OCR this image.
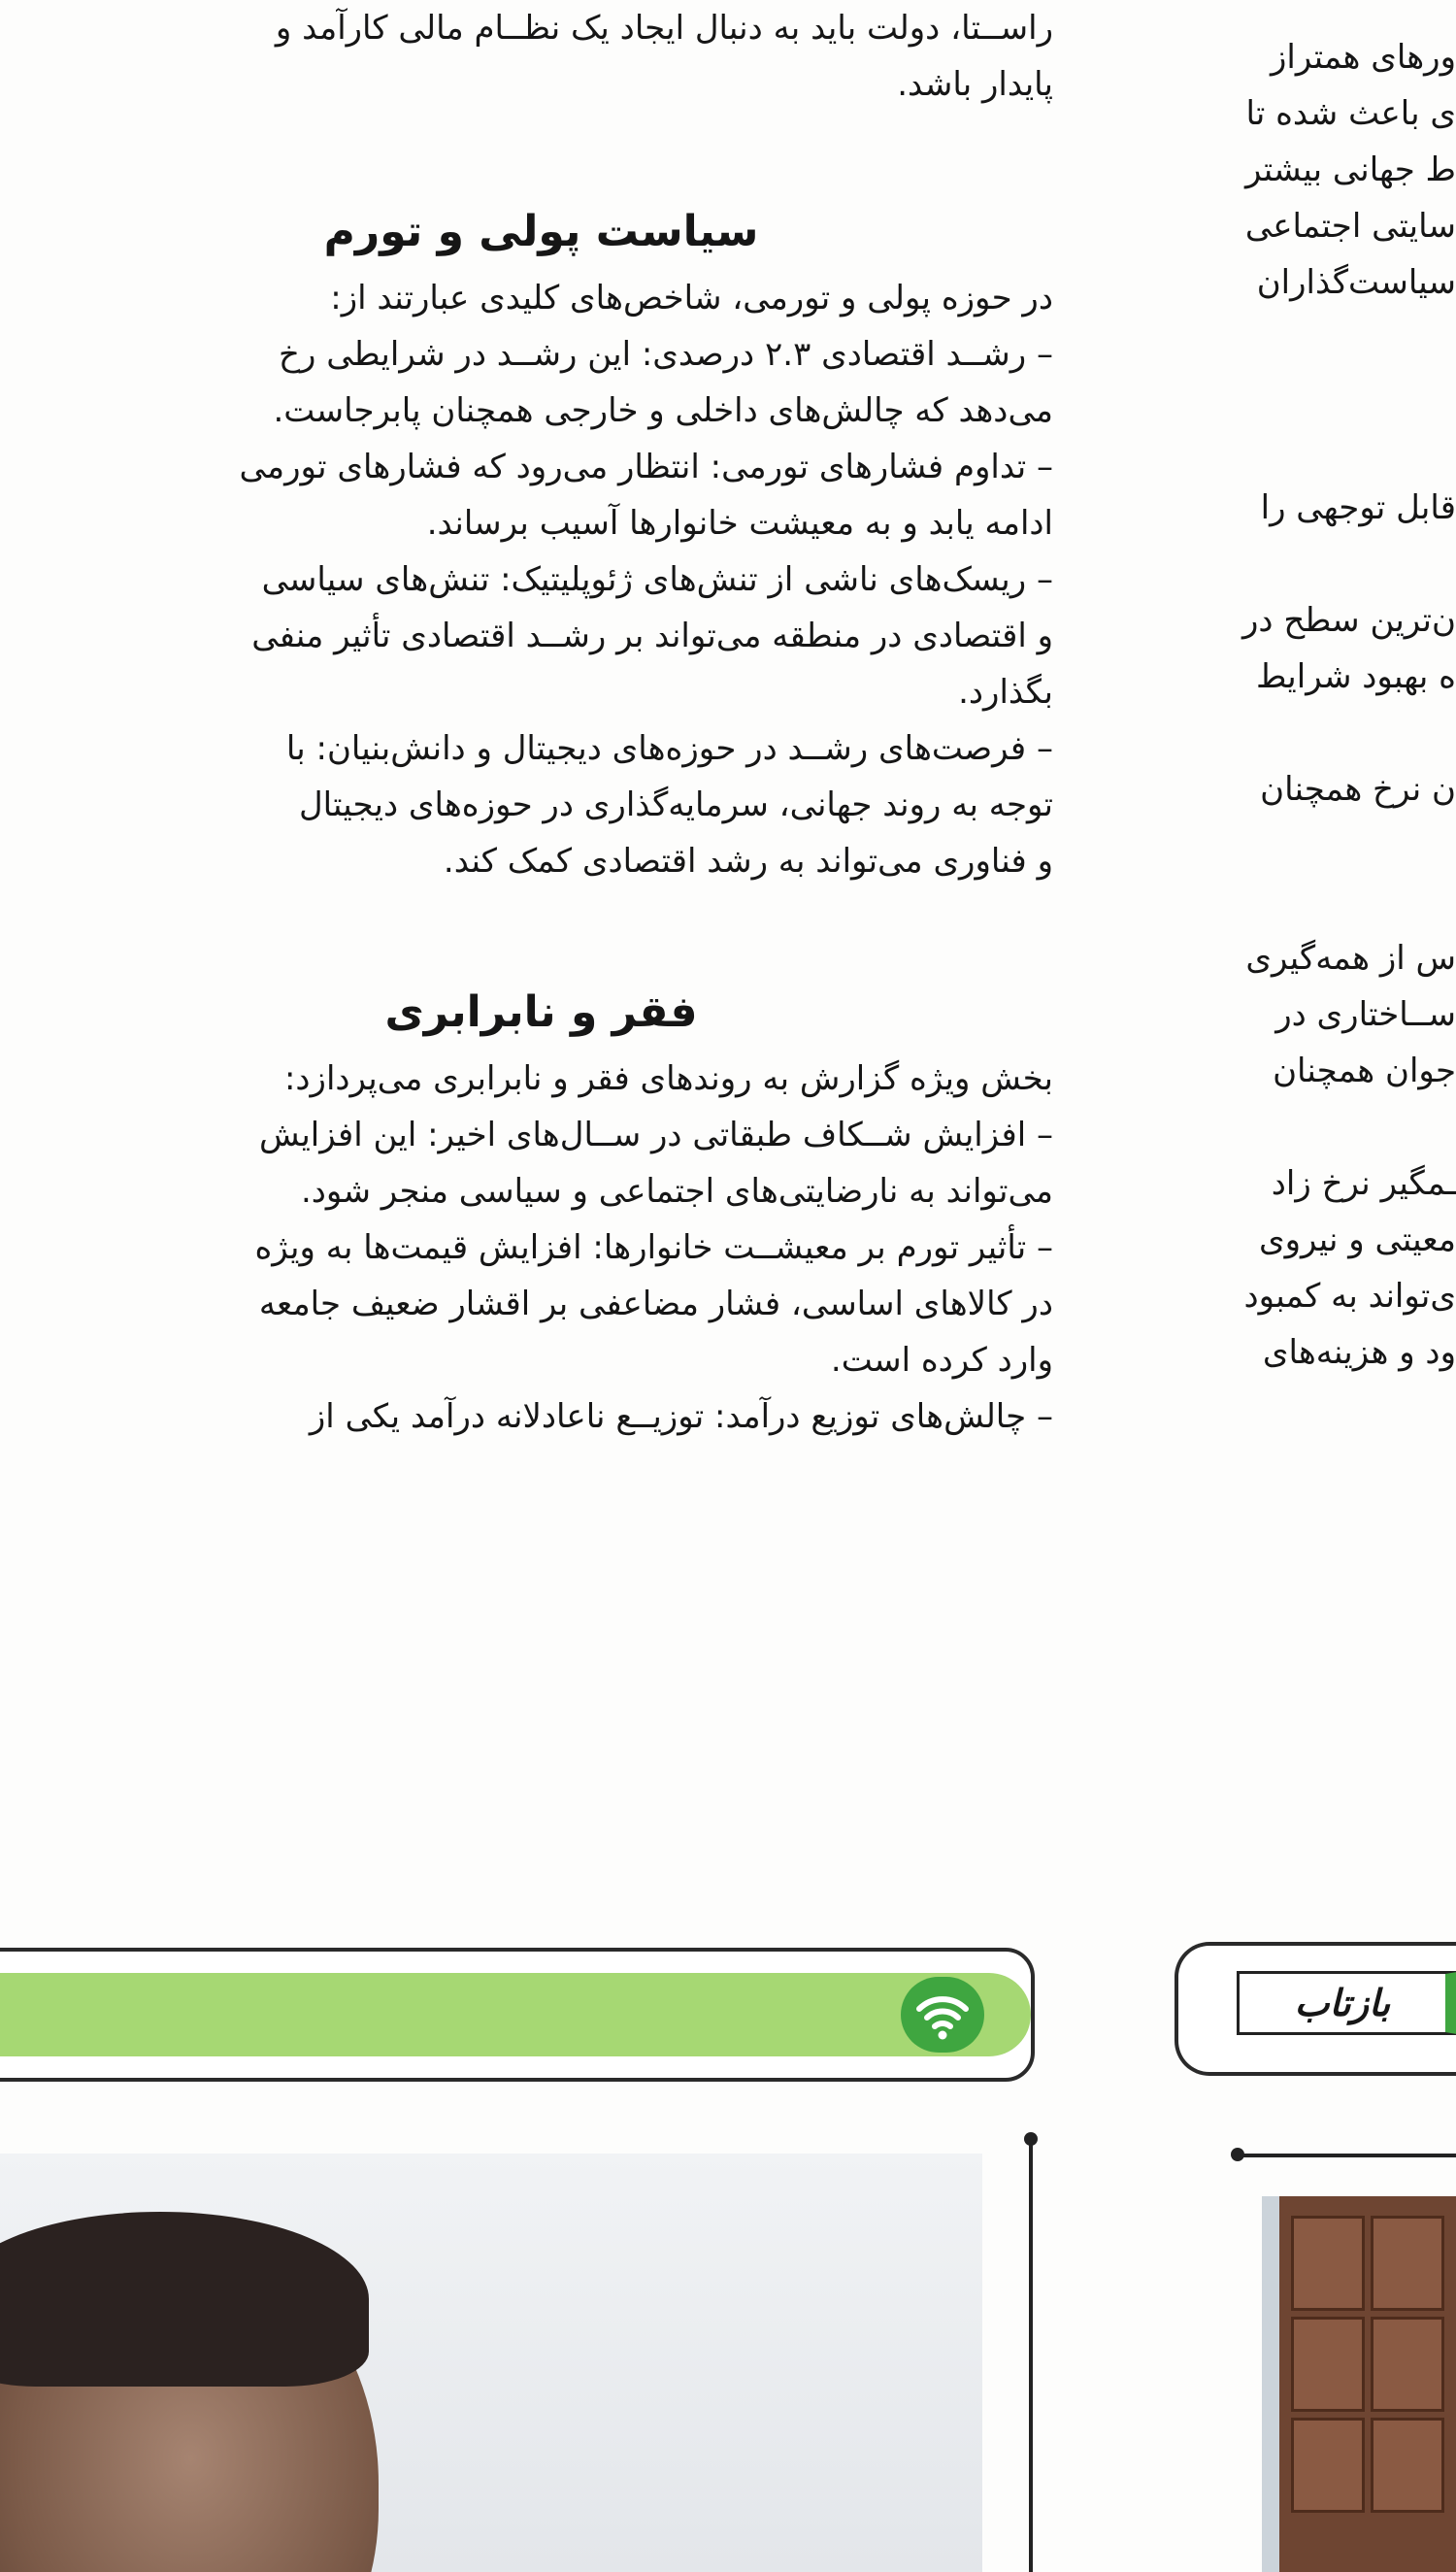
راســتا، دولت باید به دنبال ایجاد یک نظــام مالی کارآمد و

پایدار باشد.

سیاست پولی و تورم

در حوزه پولی و تورمی، شاخص‌های کلیدی عبارتند از:

– رشــد اقتصادی ۲.۳ درصدی: این رشــد در شرایطی رخ

می‌دهد که چالش‌های داخلی و خارجی همچنان پابرجاست.

– تداوم فشارهای تورمی: انتظار می‌رود که فشارهای تورمی

ادامه یابد و به معیشت خانوارها آسیب برساند.

– ریسک‌های ناشی از تنش‌های ژئوپلیتیک: تنش‌های سیاسی

و اقتصادی در منطقه می‌تواند بر رشــد اقتصادی تأثیر منفی

بگذارد.

– فرصت‌های رشــد در حوزه‌های دیجیتال و دانش‌بنیان: با

توجه به روند جهانی، سرمایه‌گذاری در حوزه‌های دیجیتال

و فناوری می‌تواند به رشد اقتصادی کمک کند.

فقر و نابرابری

بخش ویژه گزارش به روندهای فقر و نابرابری می‌پردازد:

– افزایش شــکاف طبقاتی در ســال‌های اخیر: این افزایش

می‌تواند به نارضایتی‌های اجتماعی و سیاسی منجر شود.

– تأثیر تورم بر معیشــت خانوارها: افزایش قیمت‌ها به ویژه

در کالاهای اساسی، فشار مضاعفی بر اقشار ضعیف جامعه

وارد کرده است.

– چالش‌های توزیع درآمد: توزیــع ناعادلانه درآمد یکی از

ورهای همتراز

ی باعث شده تا

ط جهانی بیشتر

سایتی اجتماعی

سیاست‌گذاران

قابل توجهی را

ن‌ترین سطح در

ه بهبود شرایط

ن نرخ همچنان

س از همه‌گیری

ســاختاری در

جوان همچنان

ـمگیر نرخ زاد

معیتی و نیروی

ی‌تواند به کمبود

ود و هزینه‌های

بازتاب
